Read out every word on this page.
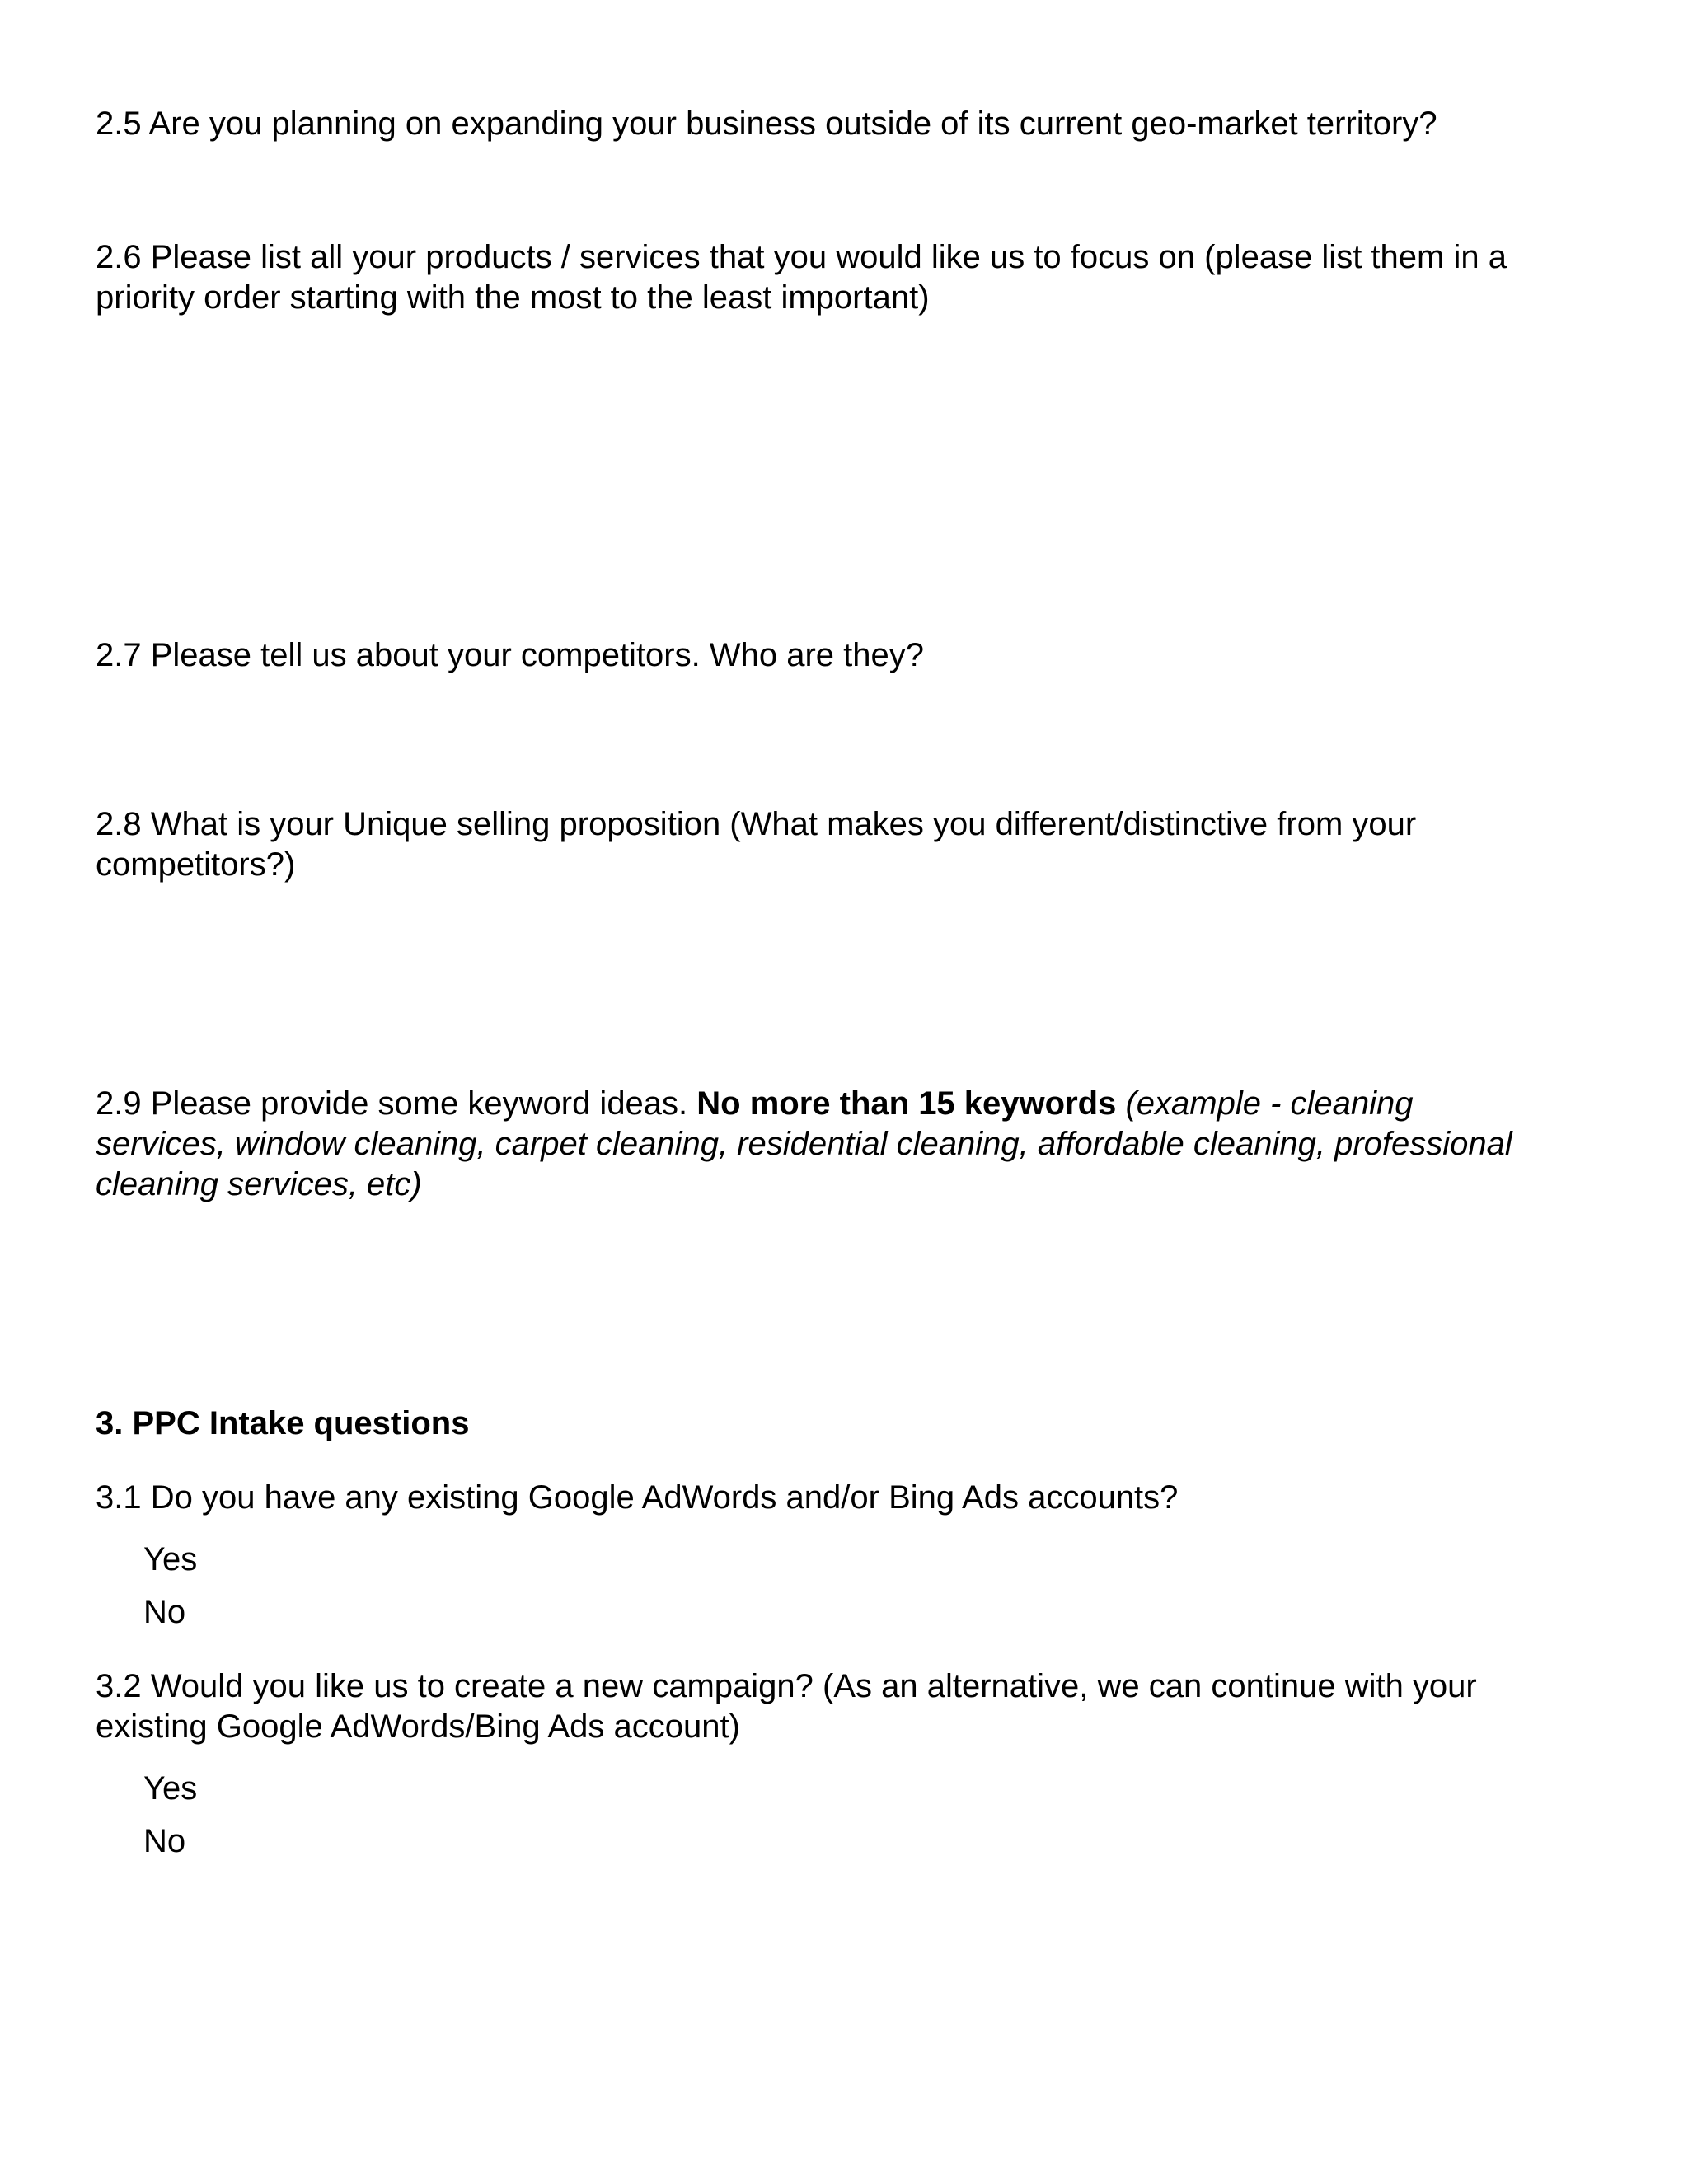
2.5 Are you planning on expanding your business outside of its current geo-market territory?

2.6 Please list all your products / services that you would like us to focus on (please list them in a priority order starting with the most to the least important)

2.7 Please tell us about your competitors. Who are they?

2.8 What is your Unique selling proposition (What makes you different/distinctive from your competitors?)

2.9 Please provide some keyword ideas. No more than 15 keywords (example - cleaning services, window cleaning, carpet cleaning, residential cleaning, affordable cleaning, professional cleaning services, etc)

3. PPC Intake questions

3.1 Do you have any existing Google AdWords and/or Bing Ads accounts?

Yes
No

3.2 Would you like us to create a new campaign? (As an alternative, we can continue with your existing Google AdWords/Bing Ads account)

Yes
No
